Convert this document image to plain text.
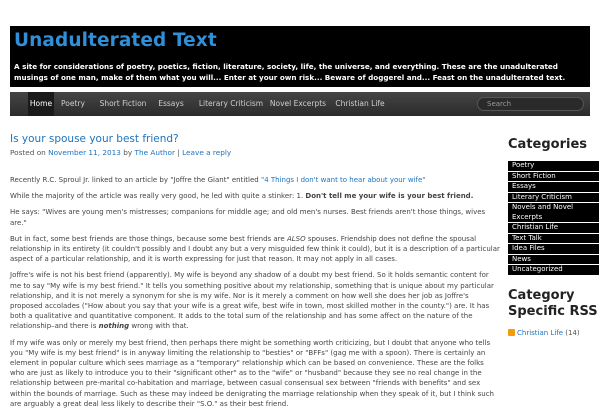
Unadulterated Text
A site for considerations of poetry, poetics, fiction, literature, society, life, the universe, and everything. These are the unadulterated musings of one man, make of them what you will... Enter at your own risk... Beware of doggerel and... Feast on the unadulterated text.
Home Poetry Short Fiction	Essays	Literary Criticism Novel Excerpts	Christian Life	Search
Is your spouse your best friend?
Posted on November 11, 2013 by The Author | Leave a reply

Recently R.C. Sproul Jr. linked to an article by "Joffre the Giant" entitled "4 Things I don't want to hear about your wife"

While the majority of the article was really very good, he led with quite a stinker: 1. Don't tell me your wife is your best friend.

He says: "Wives are young men's mistresses; companions for middle age; and old men's nurses. Best friends aren't those things, wives are."

But in fact, some best friends are those things, because some best friends are ALSO spouses. Friendship does not define the spousal relationship in its entirety (it couldn't possibly and I doubt any but a very misguided few think it could), but it is a description of a particular aspect of a particular relationship, and it is worth expressing for just that reason. It may not apply in all cases.

Joffre's wife is not his best friend (apparently). My wife is beyond any shadow of a doubt my best friend. So it holds semantic content for me to say "My wife is my best friend." It tells you something positive about my relationship, something that is unique about my particular relationship, and it is not merely a synonym for she is my wife. Nor is it merely a comment on how well she does her job as Joffre's proposed accolades ("How about you say that your wife is a great wife, best wife in town, most skilled mother in the county.") are. It has both a qualitative and quantitative component. It adds to the total sum of the relationship and has some affect on the nature of the relationship–and there is nothing wrong with that.

If my wife was only or merely my best friend, then perhaps there might be something worth criticizing, but I doubt that anyone who tells you "My wife is my best friend" is in anyway limiting the relationship to "besties" or "BFFs" (gag me with a spoon). There is certainly an element in popular culture which sees marriage as a "temporary" relationship which can be based on convenience. These are the folks who are just as likely to introduce you to their "significant other" as to the "wife" or "husband" because they see no real change in the relationship between pre-marital co-habitation and marriage, between casual consensual sex between "friends with benefits" and sex within the bounds of marriage. Such as these may indeed be denigrating the marriage relationship when they speak of it, but I think such are arguably a great deal less likely to describe their "S.O." as their best friend.

Categories
Poetry
Short Fiction
Essays
Literary Criticism
Novels and Novel Excerpts
Christian Life
Text Talk
Idea Files
News
Uncategorized
Category Specific RSS
Christian Life (14)
